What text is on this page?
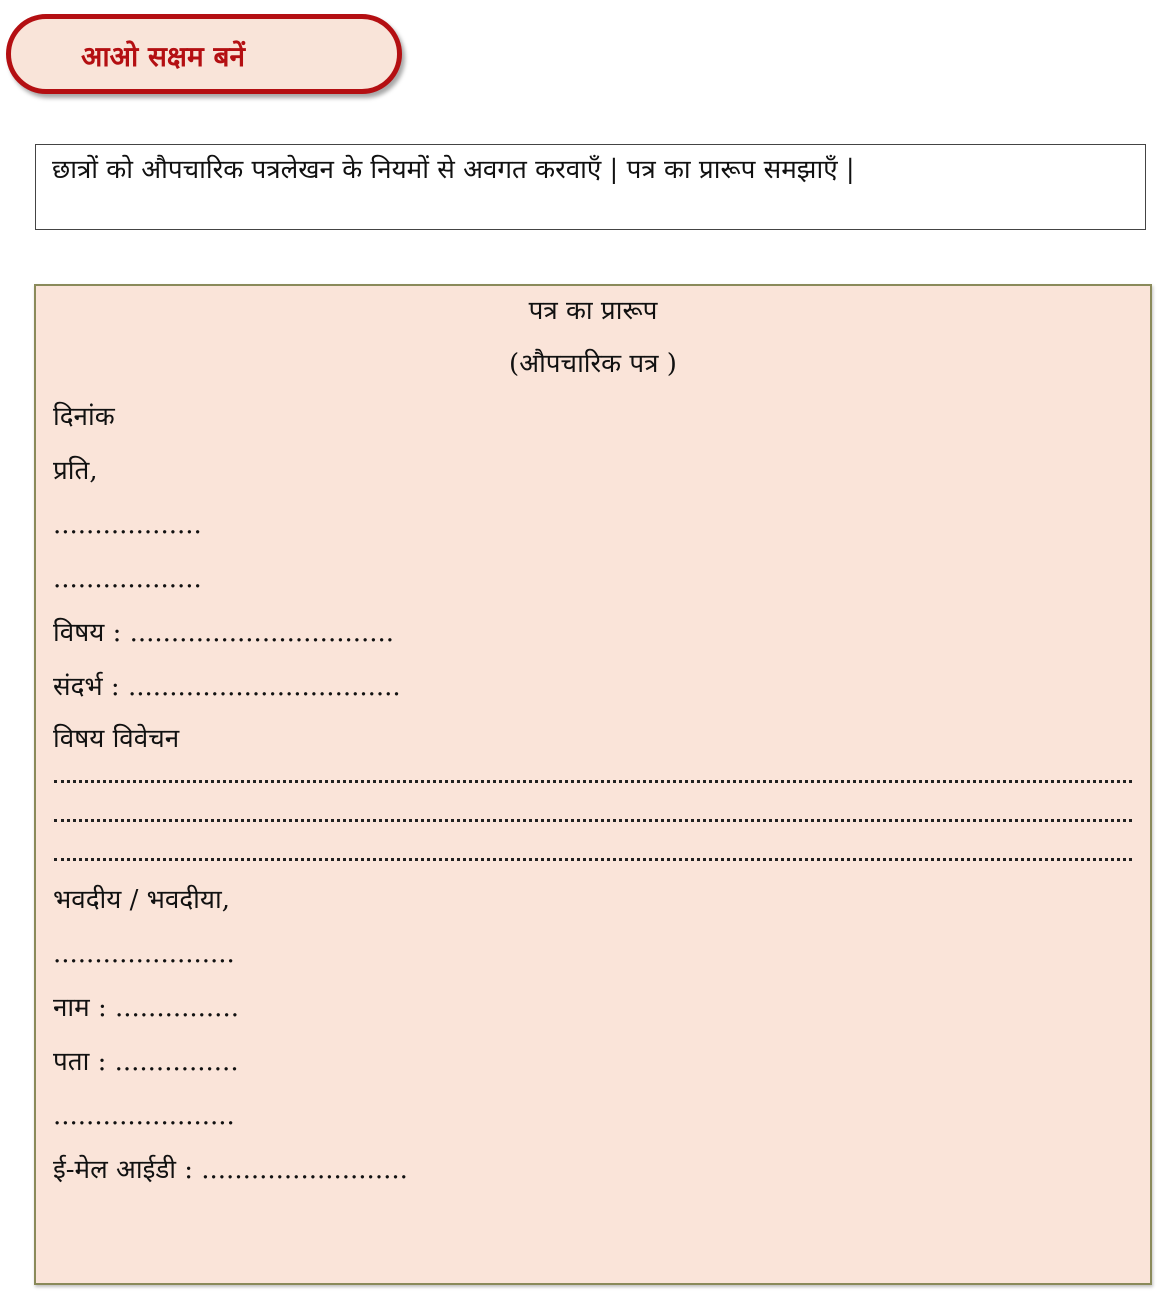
आओ सक्षम बनें
छात्रों को औपचारिक पत्रलेखन के नियमों से अवगत करवाएँ | पत्र का प्रारूप समझाएँ |
पत्र का प्रारूप
(औपचारिक पत्र )
दिनांक
प्रति,
..................
..................
विषय : ................................
संदर्भ : .................................
विषय विवेचन
भवदीय / भवदीया,
......................
नाम : ...............
पता : ...............
......................
ई-मेल आईडी : .........................
